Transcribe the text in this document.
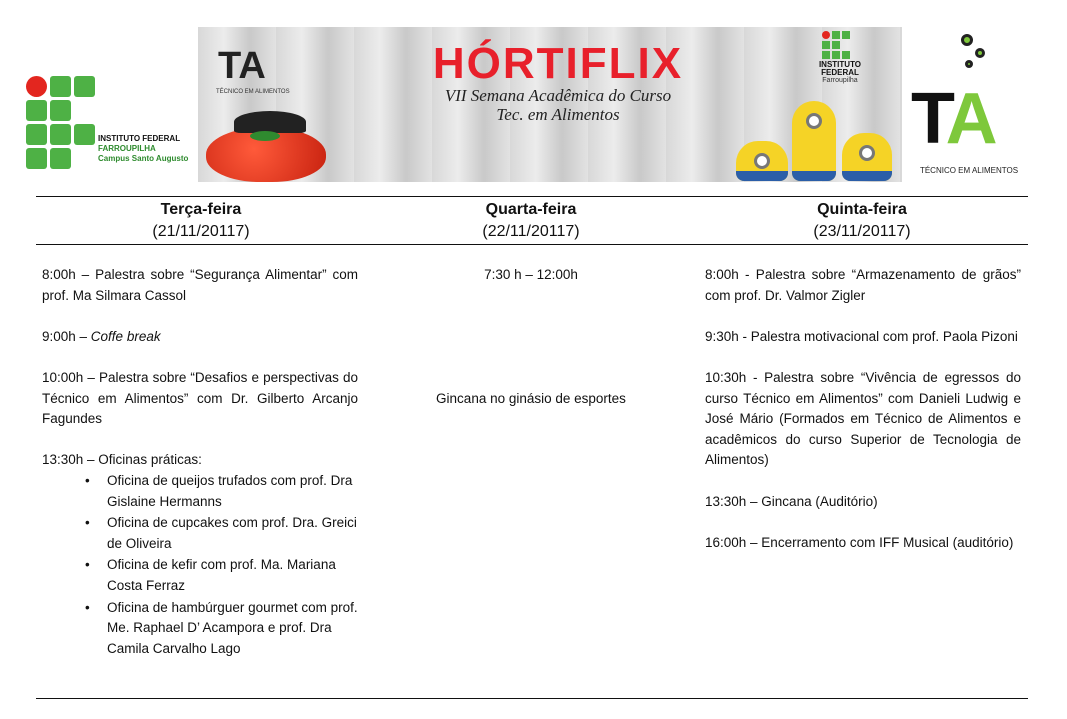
INSTITUTO FEDERAL
FARROUPILHA
Campus Santo Augusto
TA
TÉCNICO EM ALIMENTOS
HÓRTIFLIX
VII Semana Acadêmica do Curso
Tec. em Alimentos
INSTITUTO FEDERAL
Farroupilha TA
TÉCNICO EM ALIMENTOS
Terça-feira
(21/11/20117)
Quarta-feira
(22/11/20117)
Quinta-feira
(23/11/20117)

8:00h – Palestra sobre “Segurança Alimentar” com prof. Ma Silmara Cassol

9:00h – Coffe break

10:00h – Palestra sobre “Desafios e perspectivas do Técnico em Alimentos” com Dr. Gilberto Arcanjo Fagundes

13:30h – Oficinas práticas:
• Oficina de queijos trufados com prof. Dra Gislaine Hermanns
• Oficina de cupcakes com prof. Dra. Greici de Oliveira
• Oficina de kefir com prof. Ma. Mariana Costa Ferraz
• Oficina de hambúrguer gourmet com prof. Me. Raphael D’ Acampora e prof. Dra Camila Carvalho Lago
7:30 h – 12:00h
Gincana no ginásio de esportes

8:00h - Palestra sobre “Armazenamento de grãos” com prof. Dr. Valmor Zigler

9:30h - Palestra motivacional com prof. Paola Pizoni

10:30h - Palestra sobre “Vivência de egressos do curso Técnico em Alimentos” com Danieli Ludwig e José Mário (Formados em Técnico de Alimentos e acadêmicos do curso Superior de Tecnologia de Alimentos)

13:30h – Gincana (Auditório)

16:00h – Encerramento com IFF Musical (auditório)
